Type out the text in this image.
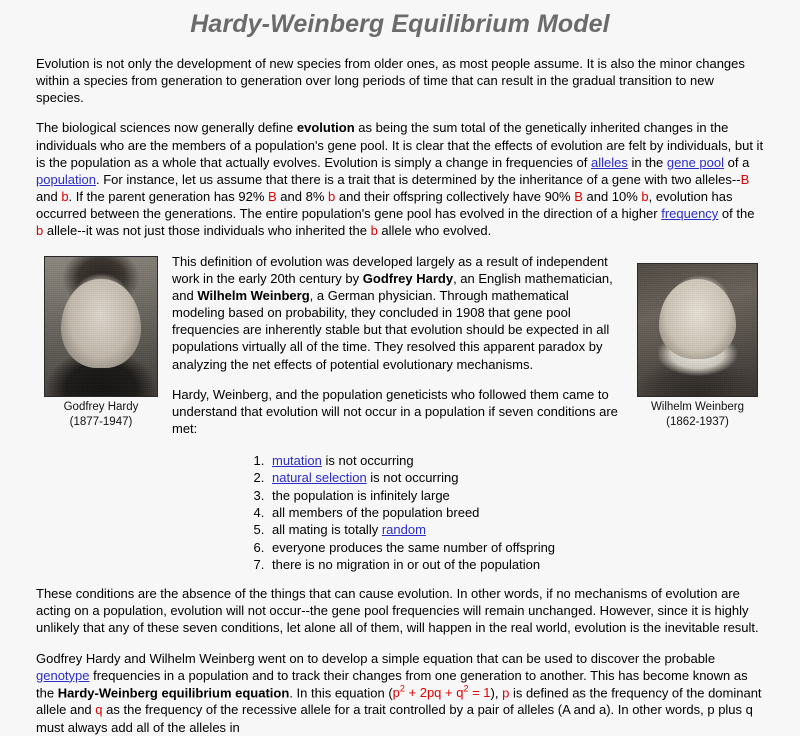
Hardy-Weinberg Equilibrium Model

Evolution is not only the development of new species from older ones, as most people assume. It is also the minor changes within a species from generation to generation over long periods of time that can result in the gradual transition to new species.

The biological sciences now generally define evolution as being the sum total of the genetically inherited changes in the individuals who are the members of a population's gene pool. It is clear that the effects of evolution are felt by individuals, but it is the population as a whole that actually evolves. Evolution is simply a change in frequencies of alleles in the gene pool of a population. For instance, let us assume that there is a trait that is determined by the inheritance of a gene with two alleles--B and b. If the parent generation has 92% B and 8% b and their offspring collectively have 90% B and 10% b, evolution has occurred between the generations. The entire population's gene pool has evolved in the direction of a higher frequency of the b allele--it was not just those individuals who inherited the b allele who evolved.

Godfrey Hardy
(1877-1947)
Wilhelm Weinberg
(1862-1937)

This definition of evolution was developed largely as a result of independent work in the early 20th century by Godfrey Hardy, an English mathematician, and Wilhelm Weinberg, a German physician. Through mathematical modeling based on probability, they concluded in 1908 that gene pool frequencies are inherently stable but that evolution should be expected in all populations virtually all of the time. They resolved this apparent paradox by analyzing the net effects of potential evolutionary mechanisms.

Hardy, Weinberg, and the population geneticists who followed them came to understand that evolution will not occur in a population if seven conditions are met:

1. mutation is not occurring
2. natural selection is not occurring
3. the population is infinitely large
4. all members of the population breed
5. all mating is totally random
6. everyone produces the same number of offspring
7. there is no migration in or out of the population

These conditions are the absence of the things that can cause evolution. In other words, if no mechanisms of evolution are acting on a population, evolution will not occur--the gene pool frequencies will remain unchanged. However, since it is highly unlikely that any of these seven conditions, let alone all of them, will happen in the real world, evolution is the inevitable result.

Godfrey Hardy and Wilhelm Weinberg went on to develop a simple equation that can be used to discover the probable genotype frequencies in a population and to track their changes from one generation to another. This has become known as the Hardy-Weinberg equilibrium equation. In this equation $(p^2 + 2pq + q^2 = 1)$, p is defined as the frequency of the dominant allele and q as the frequency of the recessive allele for a trait controlled by a pair of alleles (A and a). In other words, p plus q must always add all of the alleles in
